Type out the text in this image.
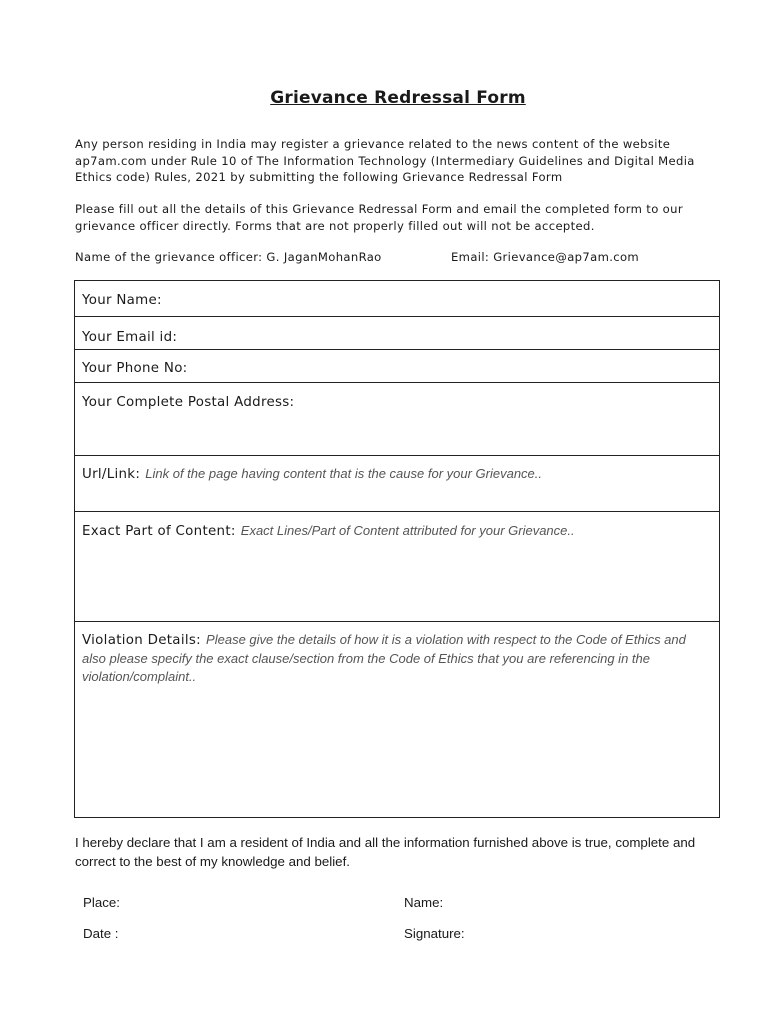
Grievance Redressal Form
Any person residing in India may register a grievance related to the news content of the website ap7am.com under Rule 10 of The Information Technology (Intermediary Guidelines and Digital Media Ethics code) Rules, 2021 by submitting the following Grievance Redressal Form
Please fill out all the details of this Grievance Redressal Form and email the completed form to our grievance officer directly. Forms that are not properly filled out will not be accepted.
Name of the grievance officer: G. JaganMohanRao	Email: Grievance@ap7am.com
Your Name:
Your Email id:
Your Phone No:
Your Complete Postal Address:
Url/Link: Link of the page having content that is the cause for your Grievance..
Exact Part of Content: Exact Lines/Part of Content attributed for your Grievance..
Violation Details: Please give the details of how it is a violation with respect to the Code of Ethics and also please specify the exact clause/section from the Code of Ethics that you are referencing in the violation/complaint..
I hereby declare that I am a resident of India and all the information furnished above is true, complete and correct to the best of my knowledge and belief.
Place:
Date :
Name:
Signature:
